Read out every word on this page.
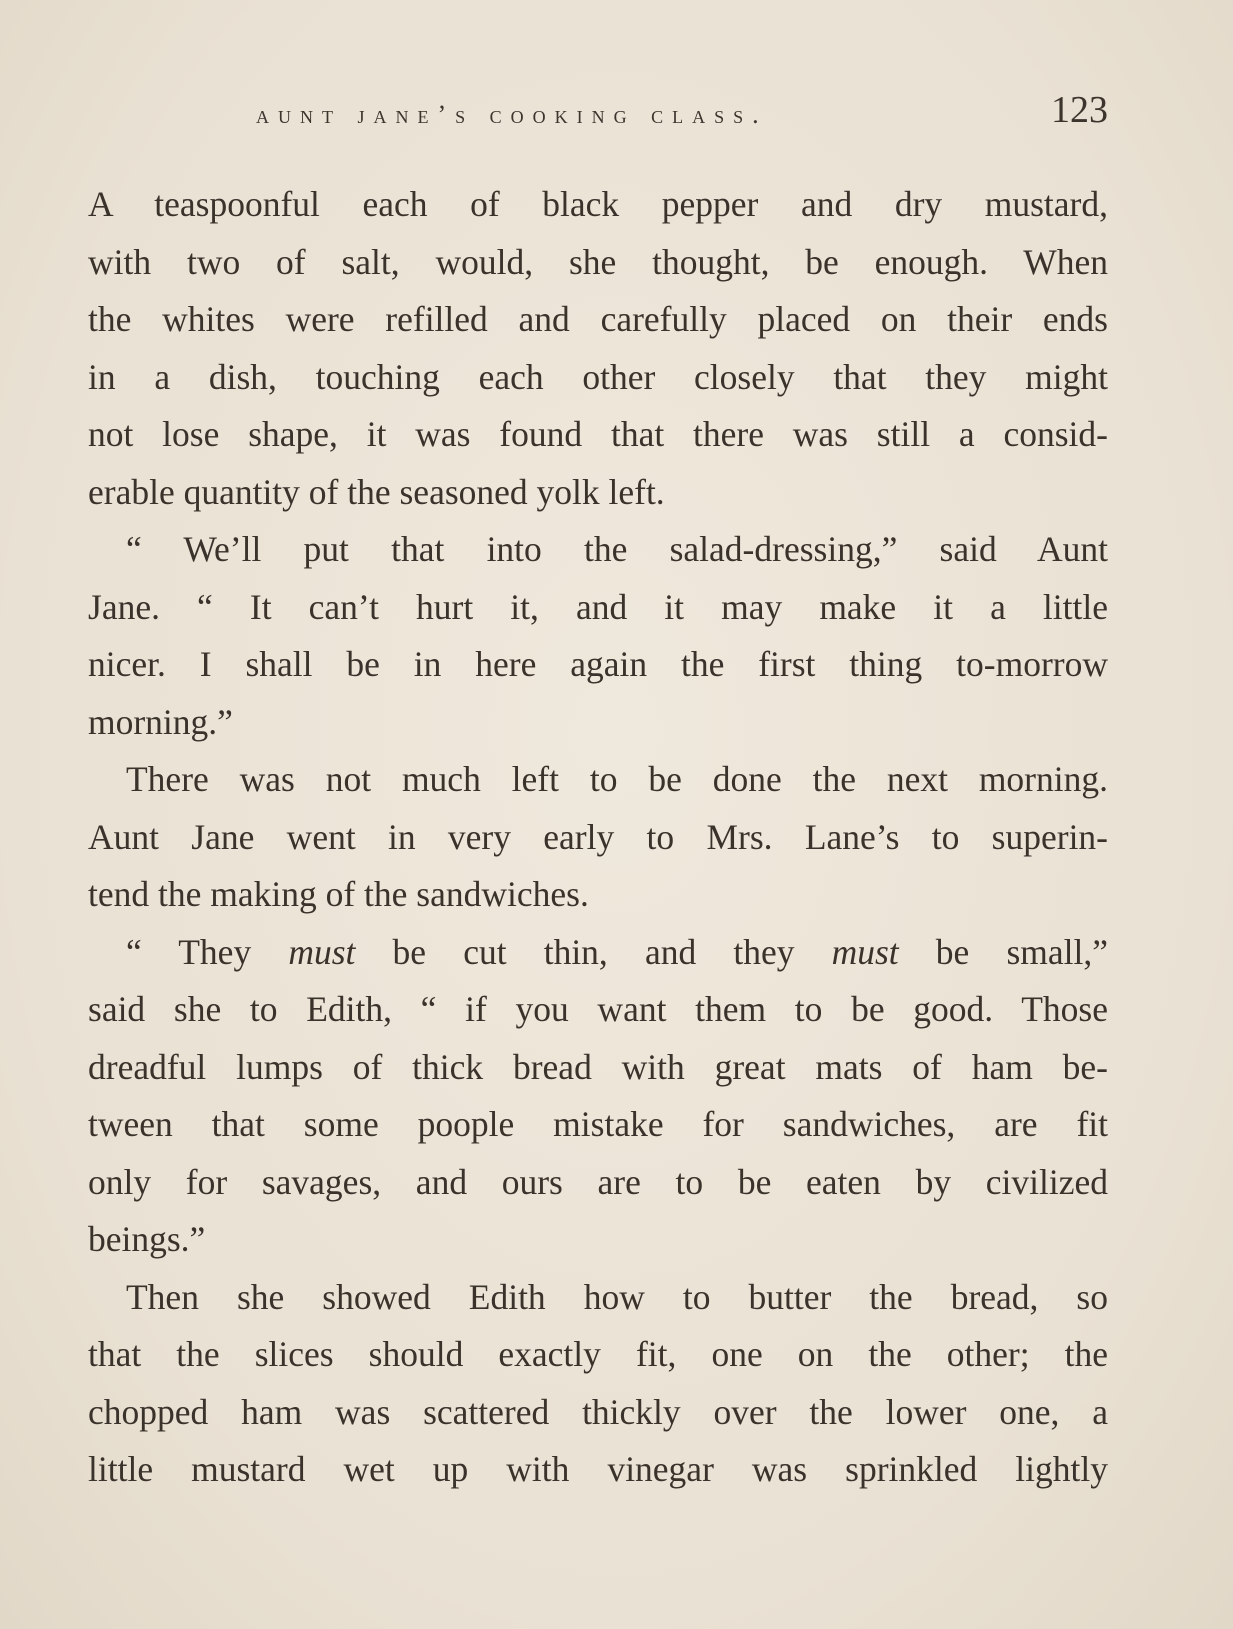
aunt jane’s cooking class.	123
A teaspoonful each of black pepper and dry mustard,
with two of salt, would, she thought, be enough. When
the whites were refilled and carefully placed on their ends
in a dish, touching each other closely that they might
not lose shape, it was found that there was still a consid-
erable quantity of the seasoned yolk left.
“ We’ll put that into the salad-dressing,” said Aunt
Jane. “ It can’t hurt it, and it may make it a little
nicer. I shall be in here again the first thing to-morrow
morning.”
There was not much left to be done the next morning.
Aunt Jane went in very early to Mrs. Lane’s to superin-
tend the making of the sandwiches.
“ They must be cut thin, and they must be small,”
said she to Edith, “ if you want them to be good. Those
dreadful lumps of thick bread with great mats of ham be-
tween that some poople mistake for sandwiches, are fit
only for savages, and ours are to be eaten by civilized
beings.”
Then she showed Edith how to butter the bread, so
that the slices should exactly fit, one on the other; the
chopped ham was scattered thickly over the lower one, a
little mustard wet up with vinegar was sprinkled lightly
